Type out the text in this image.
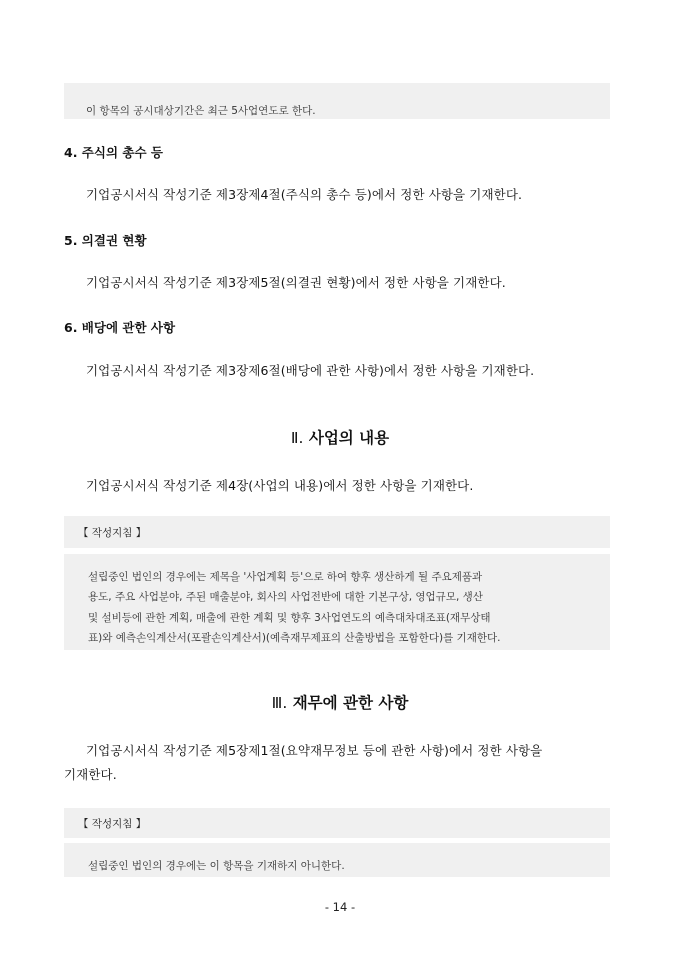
이 항목의 공시대상기간은 최근 5사업연도로 한다.
4. 주식의 총수 등
기업공시서식 작성기준 제3장제4절(주식의 총수 등)에서 정한 사항을 기재한다.
5. 의결권 현황
기업공시서식 작성기준 제3장제5절(의결권 현황)에서 정한 사항을 기재한다.
6. 배당에 관한 사항
기업공시서식 작성기준 제3장제6절(배당에 관한 사항)에서 정한 사항을 기재한다.
Ⅱ. 사업의 내용
기업공시서식 작성기준 제4장(사업의 내용)에서 정한 사항을 기재한다.
【 작성지침 】
설립중인 법인의 경우에는 제목을 '사업계획 등'으로 하여 향후 생산하게 될 주요제품과
용도, 주요 사업분야, 주된 매출분야, 회사의 사업전반에 대한 기본구상, 영업규모, 생산
및 설비등에 관한 계획, 매출에 관한 계획 및 향후 3사업연도의 예측대차대조표(재무상태
표)와 예측손익계산서(포괄손익계산서)(예측재무제표의 산출방법을 포함한다)를 기재한다.
Ⅲ. 재무에 관한 사항
기업공시서식 작성기준 제5장제1절(요약재무정보 등에 관한 사항)에서 정한 사항을
기재한다.
【 작성지침 】
설립중인 법인의 경우에는 이 항목을 기재하지 아니한다.
- 14 -
